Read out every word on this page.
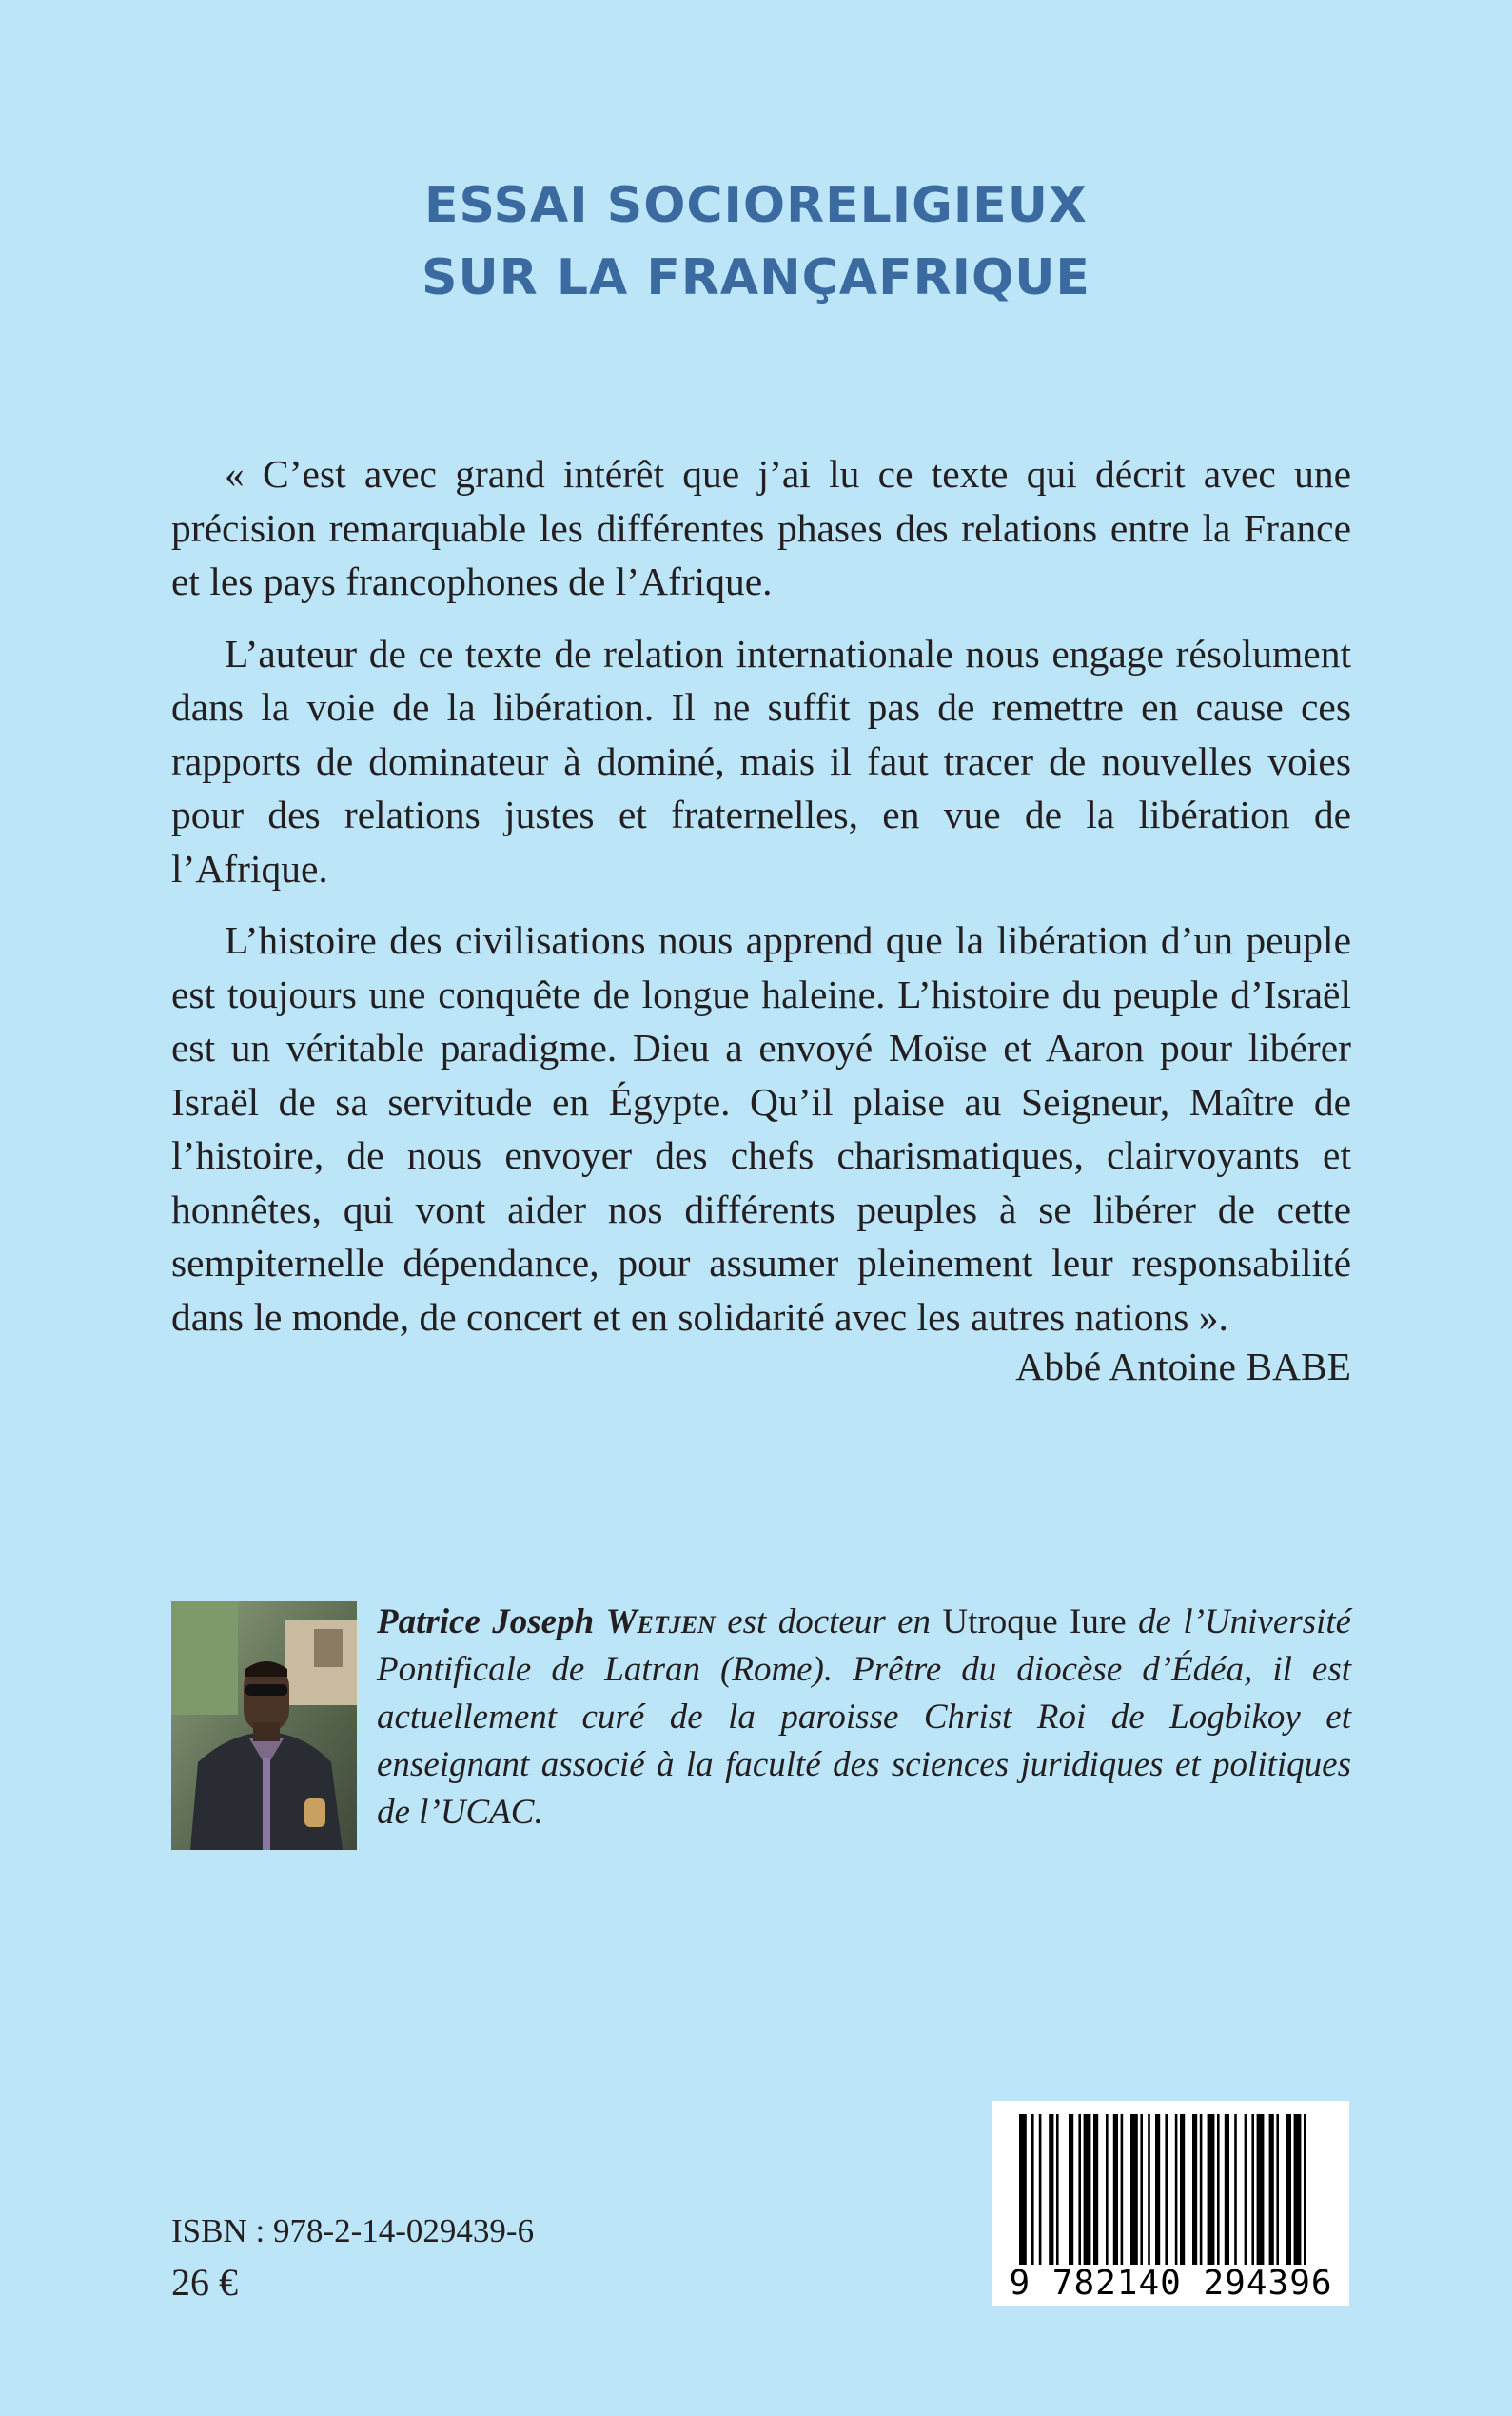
ESSAI SOCIORELIGIEUX
SUR LA FRANÇAFRIQUE

« C’est avec grand intérêt que j’ai lu ce texte qui décrit avec une précision remarquable les différentes phases des relations entre la France et les pays francophones de l’Afrique.

L’auteur de ce texte de relation internationale nous engage résolument dans la voie de la libération. Il ne suffit pas de remettre en cause ces rapports de dominateur à dominé, mais il faut tracer de nouvelles voies pour des relations justes et fraternelles, en vue de la libération de l’Afrique.

L’histoire des civilisations nous apprend que la libération d’un peuple est toujours une conquête de longue haleine. L’histoire du peuple d’Israël est un véritable paradigme. Dieu a envoyé Moïse et Aaron pour libérer Israël de sa servitude en Égypte. Qu’il plaise au Seigneur, Maître de l’histoire, de nous envoyer des chefs charismatiques, clairvoyants et honnêtes, qui vont aider nos différents peuples à se libérer de cette sempiternelle dépendance, pour assumer pleinement leur responsabilité dans le monde, de concert et en solidarité avec les autres nations ».

Abbé Antoine BABE
Patrice Joseph Wetjen est docteur en Utroque Iure de l’Université Pontificale de Latran (Rome). Prêtre du diocèse d’Édéa, il est actuellement curé de la paroisse Christ Roi de Logbikoy et enseignant associé à la faculté des sciences juridiques et politiques de l’UCAC.
ISBN : 978-2-14-029439-6
26 €	9 782140 294396
